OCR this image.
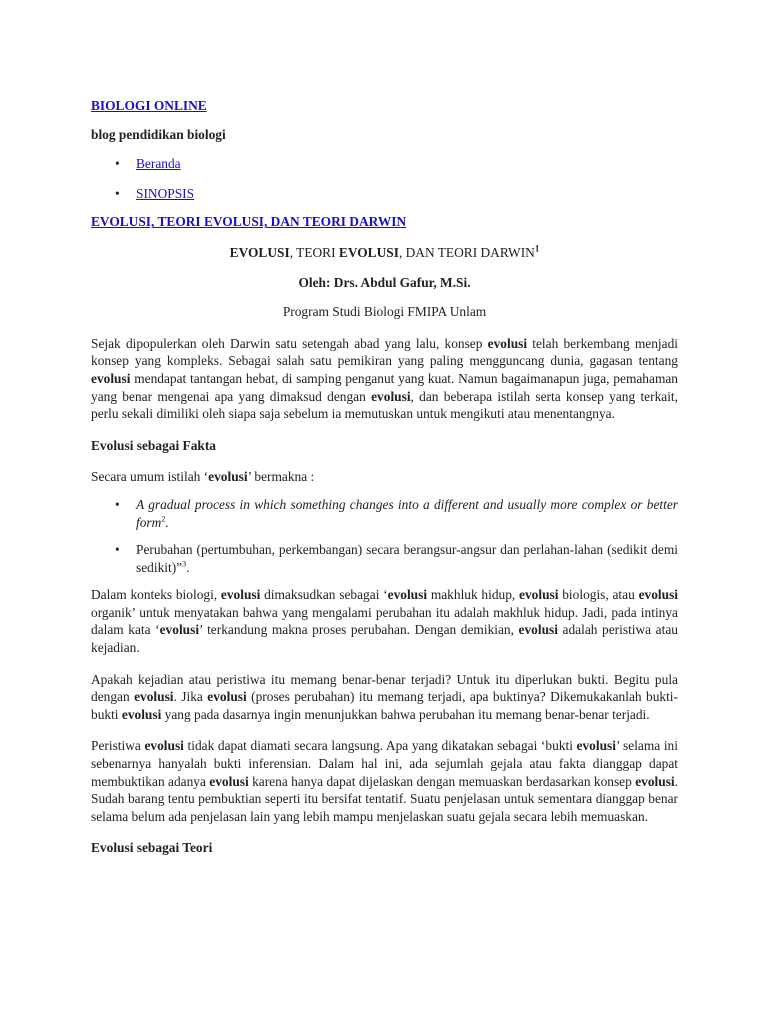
BIOLOGI ONLINE

blog pendidikan biologi

• Beranda
• SINOPSIS
EVOLUSI, TEORI EVOLUSI, DAN TEORI DARWIN

EVOLUSI, TEORI EVOLUSI, DAN TEORI DARWIN$^1$

Oleh: Drs. Abdul Gafur, M.Si.

Program Studi Biologi FMIPA Unlam

Sejak dipopulerkan oleh Darwin satu setengah abad yang lalu, konsep evolusi telah berkembang menjadi konsep yang kompleks. Sebagai salah satu pemikiran yang paling mengguncang dunia, gagasan tentang evolusi mendapat tantangan hebat, di samping penganut yang kuat. Namun bagaimanapun juga, pemahaman yang benar mengenai apa yang dimaksud dengan evolusi, dan beberapa istilah serta konsep yang terkait, perlu sekali dimiliki oleh siapa saja sebelum ia memutuskan untuk mengikuti atau menentangnya.

Evolusi sebagai Fakta

Secara umum istilah ‘evolusi’ bermakna :

• A gradual process in which something changes into a different and usually more complex or better form$^2$.
• Perubahan (pertumbuhan, perkembangan) secara berangsur-angsur dan perlahan-lahan (sedikit demi sedikit)”$^3$.

Dalam konteks biologi, evolusi dimaksudkan sebagai ‘evolusi makhluk hidup, evolusi biologis, atau evolusi organik’ untuk menyatakan bahwa yang mengalami perubahan itu adalah makhluk hidup. Jadi, pada intinya dalam kata ‘evolusi’ terkandung makna proses perubahan. Dengan demikian, evolusi adalah peristiwa atau kejadian.

Apakah kejadian atau peristiwa itu memang benar-benar terjadi? Untuk itu diperlukan bukti. Begitu pula dengan evolusi. Jika evolusi (proses perubahan) itu memang terjadi, apa buktinya? Dikemukakanlah bukti-bukti evolusi yang pada dasarnya ingin menunjukkan bahwa perubahan itu memang benar-benar terjadi.

Peristiwa evolusi tidak dapat diamati secara langsung. Apa yang dikatakan sebagai ‘bukti evolusi’ selama ini sebenarnya hanyalah bukti inferensian. Dalam hal ini, ada sejumlah gejala atau fakta dianggap dapat membuktikan adanya evolusi karena hanya dapat dijelaskan dengan memuaskan berdasarkan konsep evolusi. Sudah barang tentu pembuktian seperti itu bersifat tentatif. Suatu penjelasan untuk sementara dianggap benar selama belum ada penjelasan lain yang lebih mampu menjelaskan suatu gejala secara lebih memuaskan.

Evolusi sebagai Teori
